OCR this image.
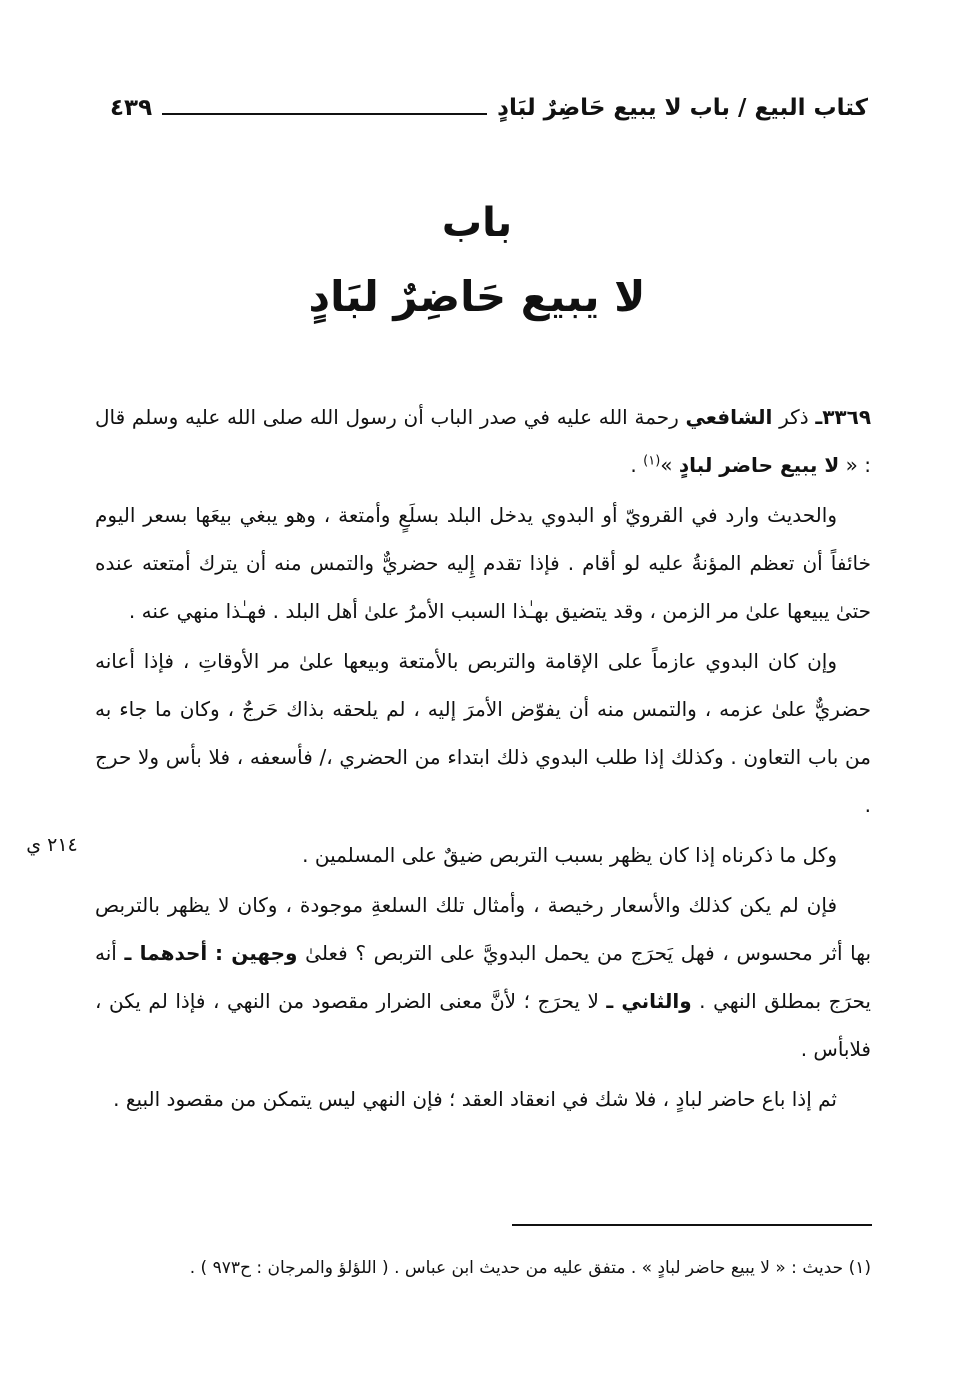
كتاب البيع / باب لا يبيع حَاضِرٌ لبَادٍ
٤٣٩
باب
لا يبيع حَاضِرٌ لبَادٍ

٣٣٦٩ـ ذكر الشافعي رحمة الله عليه في صدر الباب أن رسول الله صلى الله عليه وسلم قال : « لا يبيع حاضر لبادٍ »$^{(١)}$ .

والحديث وارد في القرويّ أو البدوي يدخل البلد بسلَعٍ وأمتعة ، وهو يبغي بيعَها بسعر اليوم خائفاً أن تعظم المؤنةُ عليه لو أقام . فإذا تقدم إِليه حضريٌّ والتمس منه أن يترك أمتعته عنده حتىٰ يبيعها علىٰ مر الزمن ، وقد يتضيق بهـٰذا السبب الأمرُ علىٰ أهل البلد . فهـٰذا منهي عنه .

وإن كان البدوي عازماً على الإقامة والتربص بالأمتعة وبيعها علىٰ مر الأوقاتِ ، فإذا أعانه حضريٌّ علىٰ عزمه ، والتمس منه أن يفوّض الأمرَ إليه ، لم يلحقه بذاك حَرجٌ ، وكان ما جاء به من باب التعاون . وكذلك إذا طلب البدوي ذلك ابتداء من الحضري ،/ فأسعفه ، فلا بأس ولا حرج .

وكل ما ذكرناه إذا كان يظهر بسبب التربص ضيقٌ على المسلمين .

فإن لم يكن كذلك والأسعار رخيصة ، وأمثال تلك السلعةِ موجودة ، وكان لا يظهر بالتربص بها أثر محسوس ، فهل يَحرَج من يحمل البدويَّ على التربص ؟ فعلىٰ وجهين : أحدهما ـ أنه يحرَج بمطلق النهي . والثاني ـ لا يحرَج ؛ لأنَّ معنى الضرار مقصود من النهي ، فإذا لم يكن ، فلابأس .

ثم إذا باع حاضر لبادٍ ، فلا شك في انعقاد العقد ؛ فإن النهي ليس يتمكن من مقصود البيع .

٢١٤ ي
(١) حديث : « لا يبيع حاضر لبادٍ » . متفق عليه من حديث ابن عباس . ( اللؤلؤ والمرجان : ح٩٧٣ ) .
